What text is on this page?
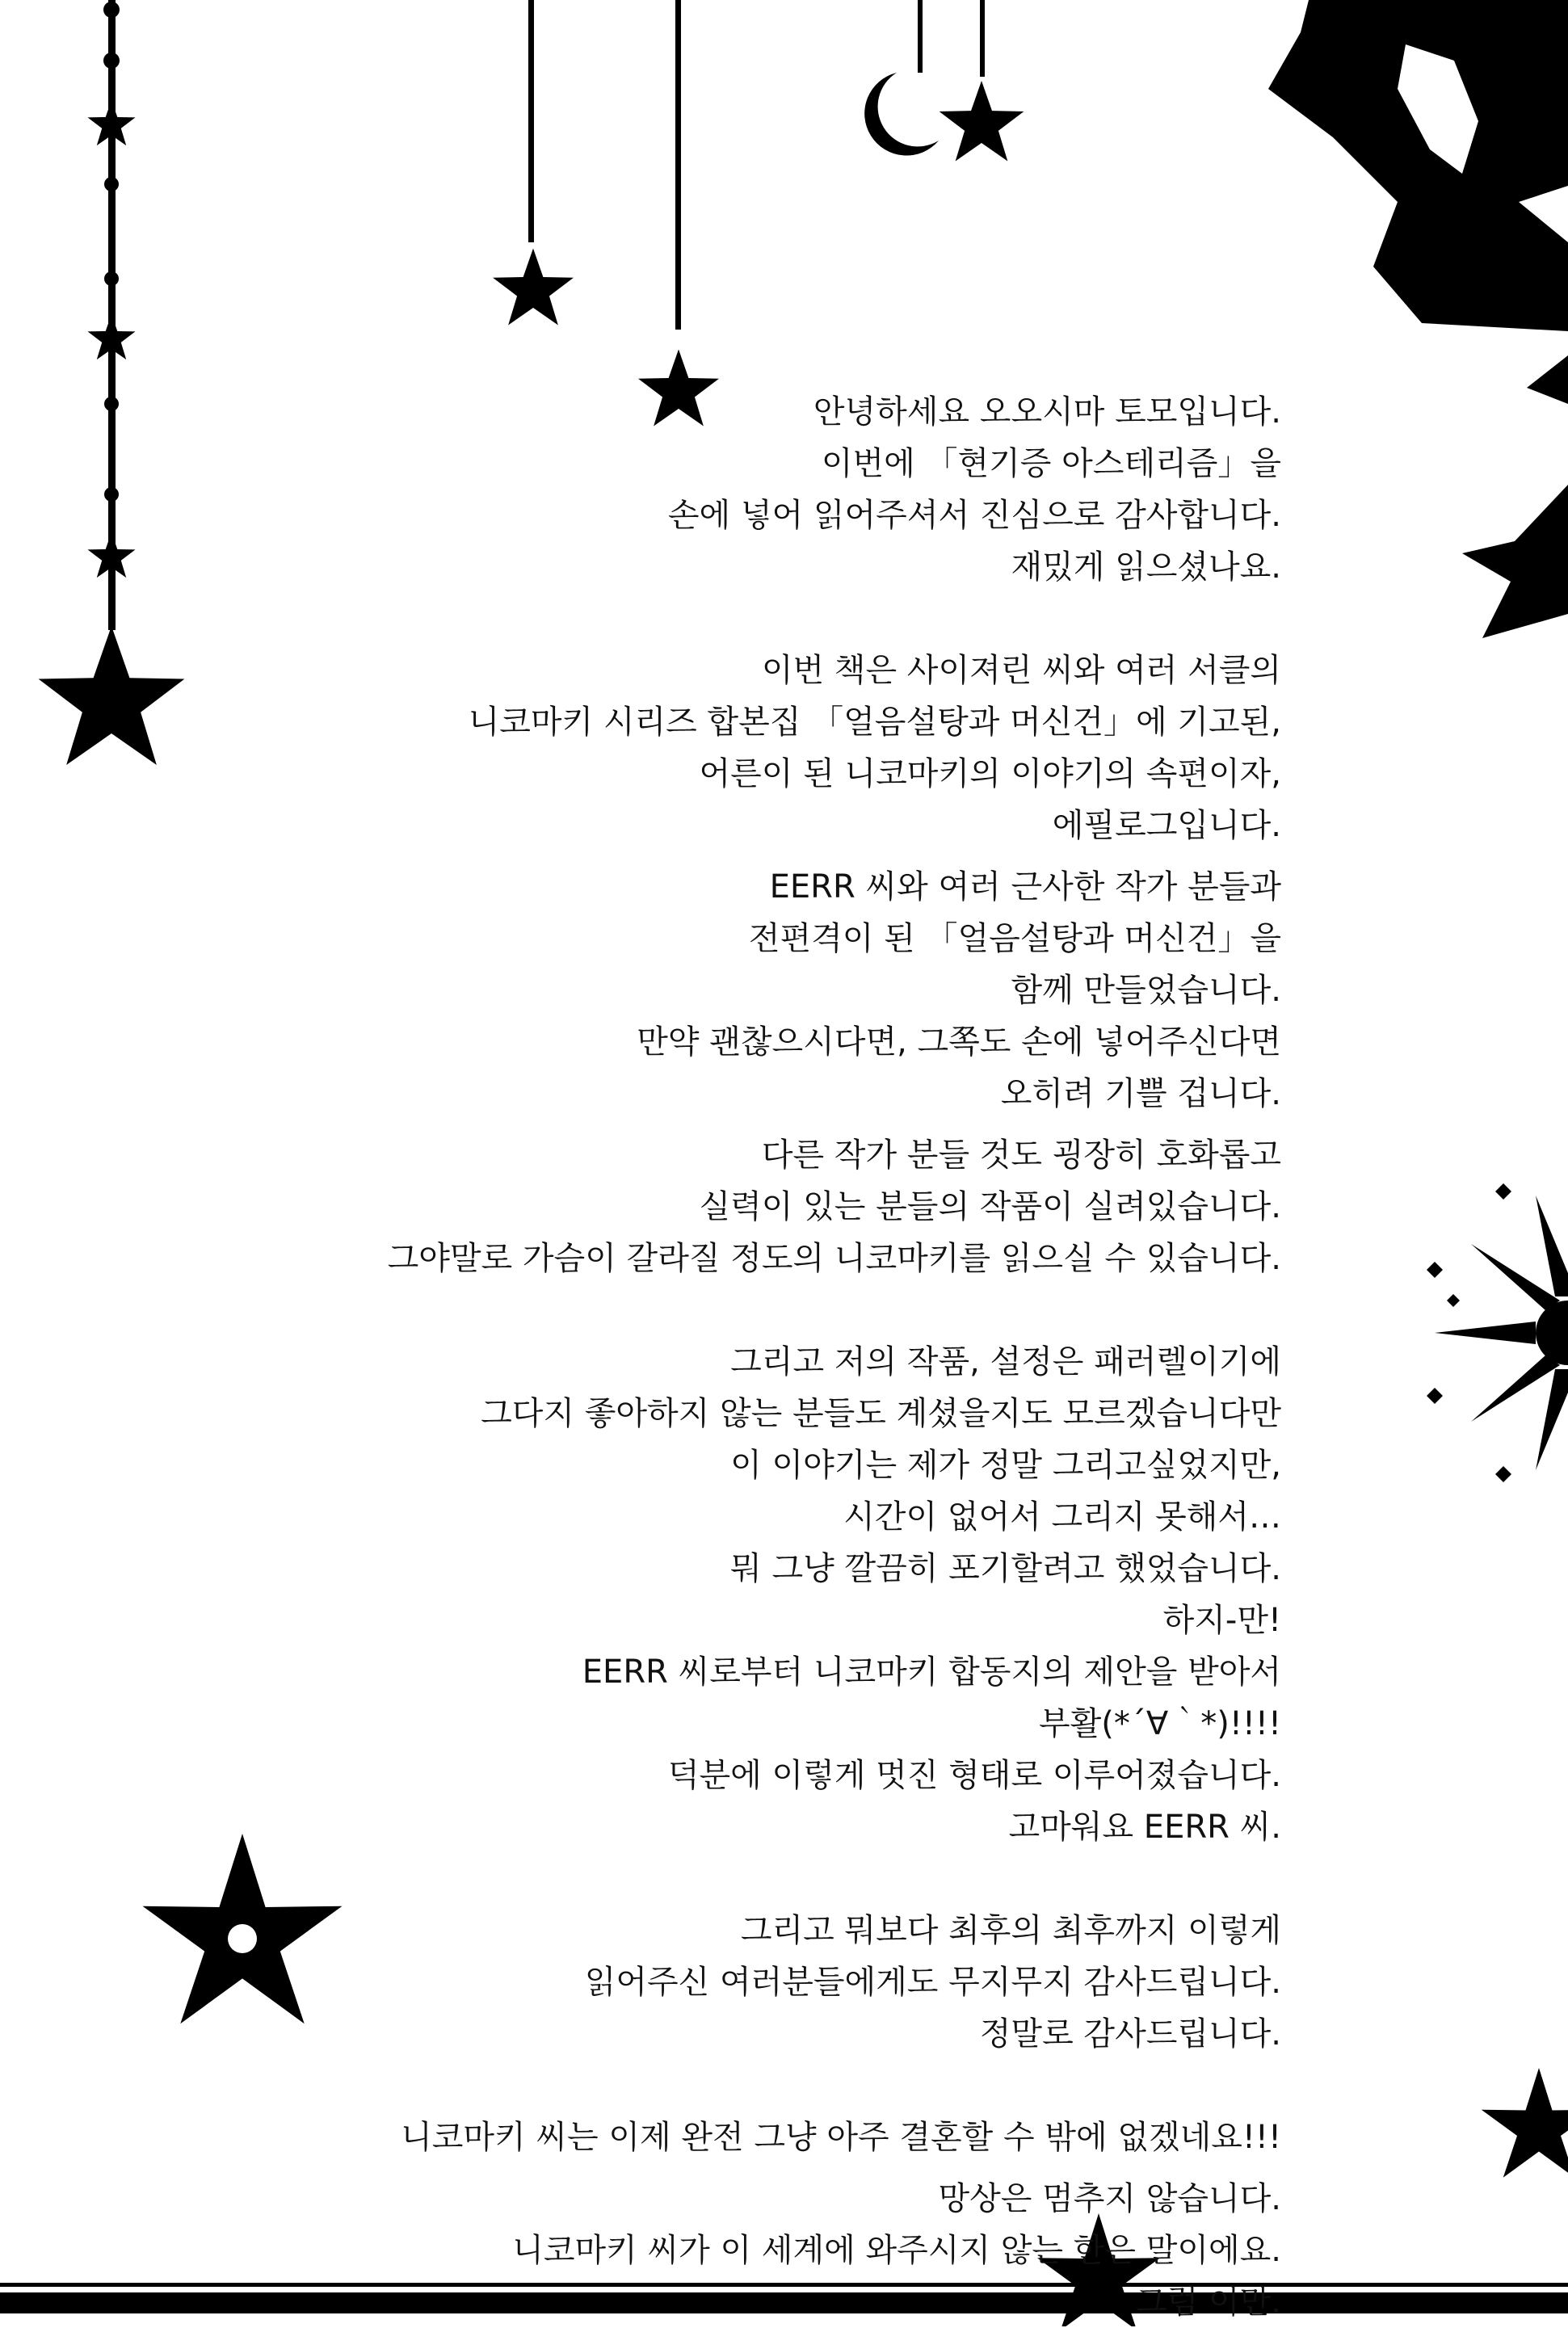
안녕하세요 오오시마 토모입니다.
이번에 「현기증 아스테리즘」을
손에 넣어 읽어주셔서 진심으로 감사합니다.
재밌게 읽으셨나요.
이번 책은 사이져린 씨와 여러 서클의
니코마키 시리즈 합본집 「얼음설탕과 머신건」에 기고된,
어른이 된 니코마키의 이야기의 속편이자,
에필로그입니다.
EERR 씨와 여러 근사한 작가 분들과
전편격이 된 「얼음설탕과 머신건」을
함께 만들었습니다.
만약 괜찮으시다면, 그쪽도 손에 넣어주신다면
오히려 기쁠 겁니다.
다른 작가 분들 것도 굉장히 호화롭고
실력이 있는 분들의 작품이 실려있습니다.
그야말로 가슴이 갈라질 정도의 니코마키를 읽으실 수 있습니다.
그리고 저의 작품, 설정은 패러렐이기에
그다지 좋아하지 않는 분들도 계셨을지도 모르겠습니다만
이 이야기는 제가 정말 그리고싶었지만,
시간이 없어서 그리지 못해서…
뭐 그냥 깔끔히 포기할려고 했었습니다.
하지-만!
EERR 씨로부터 니코마키 합동지의 제안을 받아서
부활(*´∀｀*)!!!!
덕분에 이렇게 멋진 형태로 이루어졌습니다.
고마워요 EERR 씨.
그리고 뭐보다 최후의 최후까지 이렇게
읽어주신 여러분들에게도 무지무지 감사드립니다.
정말로 감사드립니다.
니코마키 씨는 이제 완전 그냥 아주 결혼할 수 밖에 없겠네요!!!
망상은 멈추지 않습니다.
니코마키 씨가 이 세계에 와주시지 않는 한은 말이에요.
그럼 이만.
